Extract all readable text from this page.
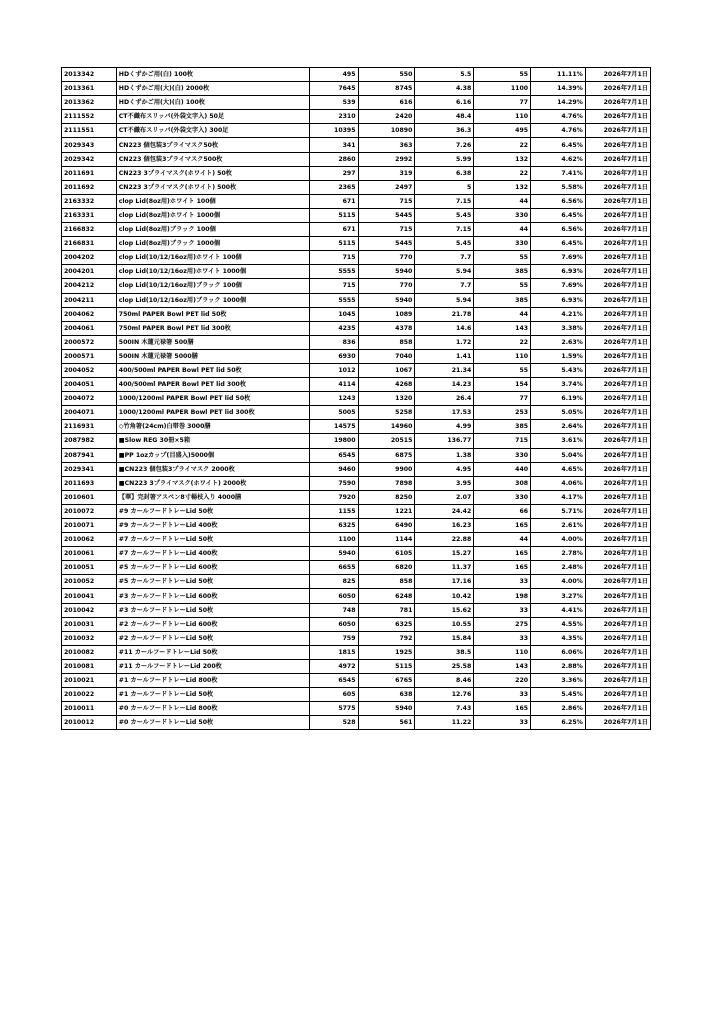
2013342	HDくずかご用(白) 100枚	495	550	5.5	55	11.11%	2026年7月1日
2013361	HDくずかご用(大)(白) 2000枚	7645	8745	4.38	1100	14.39%	2026年7月1日
2013362	HDくずかご用(大)(白) 100枚	539	616	6.16	77	14.29%	2026年7月1日
2111552	CT不織布スリッパ(外袋文字入) 50足	2310	2420	48.4	110	4.76%	2026年7月1日
2111551	CT不織布スリッパ(外袋文字入) 300足	10395	10890	36.3	495	4.76%	2026年7月1日
2029343	CN223 個包装3プライマスク50枚	341	363	7.26	22	6.45%	2026年7月1日
2029342	CN223 個包装3プライマスク500枚	2860	2992	5.99	132	4.62%	2026年7月1日
2011691	CN223 3プライマスク(ホワイト) 50枚	297	319	6.38	22	7.41%	2026年7月1日
2011692	CN223 3プライマスク(ホワイト) 500枚	2365	2497	5	132	5.58%	2026年7月1日
2163332	clop Lid(8oz用)ホワイト 100個	671	715	7.15	44	6.56%	2026年7月1日
2163331	clop Lid(8oz用)ホワイト 1000個	5115	5445	5.45	330	6.45%	2026年7月1日
2166832	clop Lid(8oz用)ブラック 100個	671	715	7.15	44	6.56%	2026年7月1日
2166831	clop Lid(8oz用)ブラック 1000個	5115	5445	5.45	330	6.45%	2026年7月1日
2004202	clop Lid(10/12/16oz用)ホワイト 100個	715	770	7.7	55	7.69%	2026年7月1日
2004201	clop Lid(10/12/16oz用)ホワイト 1000個	5555	5940	5.94	385	6.93%	2026年7月1日
2004212	clop Lid(10/12/16oz用)ブラック 100個	715	770	7.7	55	7.69%	2026年7月1日
2004211	clop Lid(10/12/16oz用)ブラック 1000個	5555	5940	5.94	385	6.93%	2026年7月1日
2004062	750ml PAPER Bowl PET lid 50枚	1045	1089	21.78	44	4.21%	2026年7月1日
2004061	750ml PAPER Bowl PET lid 300枚	4235	4378	14.6	143	3.38%	2026年7月1日
2000572	500IN 木蓮元禄箸 500膳	836	858	1.72	22	2.63%	2026年7月1日
2000571	500IN 木蓮元禄箸 5000膳	6930	7040	1.41	110	1.59%	2026年7月1日
2004052	400/500ml PAPER Bowl PET lid 50枚	1012	1067	21.34	55	5.43%	2026年7月1日
2004051	400/500ml PAPER Bowl PET lid 300枚	4114	4268	14.23	154	3.74%	2026年7月1日
2004072	1000/1200ml PAPER Bowl PET lid 50枚	1243	1320	26.4	77	6.19%	2026年7月1日
2004071	1000/1200ml PAPER Bowl PET lid 300枚	5005	5258	17.53	253	5.05%	2026年7月1日
2116931	◇竹角箸(24cm)白帯巻 3000膳	14575	14960	4.99	385	2.64%	2026年7月1日
2087982	■Slow REG 30冊×5箱	19800	20515	136.77	715	3.61%	2026年7月1日
2087941	■PP 1ozカップ(目盛入)5000個	6545	6875	1.38	330	5.04%	2026年7月1日
2029341	■CN223 個包装3プライマスク 2000枚	9460	9900	4.95	440	4.65%	2026年7月1日
2011693	■CN223 3プライマスク(ホワイト) 2000枚	7590	7898	3.95	308	4.06%	2026年7月1日
2010601	【華】完封箸アスペン8寸楊枝入り 4000膳	7920	8250	2.07	330	4.17%	2026年7月1日
2010072	#9 カールフードトレーLid 50枚	1155	1221	24.42	66	5.71%	2026年7月1日
2010071	#9 カールフードトレーLid 400枚	6325	6490	16.23	165	2.61%	2026年7月1日
2010062	#7 カールフードトレーLid 50枚	1100	1144	22.88	44	4.00%	2026年7月1日
2010061	#7 カールフードトレーLid 400枚	5940	6105	15.27	165	2.78%	2026年7月1日
2010051	#5 カールフードトレーLid 600枚	6655	6820	11.37	165	2.48%	2026年7月1日
2010052	#5 カールフードトレーLid 50枚	825	858	17.16	33	4.00%	2026年7月1日
2010041	#3 カールフードトレーLid 600枚	6050	6248	10.42	198	3.27%	2026年7月1日
2010042	#3 カールフードトレーLid 50枚	748	781	15.62	33	4.41%	2026年7月1日
2010031	#2 カールフードトレーLid 600枚	6050	6325	10.55	275	4.55%	2026年7月1日
2010032	#2 カールフードトレーLid 50枚	759	792	15.84	33	4.35%	2026年7月1日
2010082	#11 カールフードトレーLid 50枚	1815	1925	38.5	110	6.06%	2026年7月1日
2010081	#11 カールフードトレーLid 200枚	4972	5115	25.58	143	2.88%	2026年7月1日
2010021	#1 カールフードトレーLid 800枚	6545	6765	8.46	220	3.36%	2026年7月1日
2010022	#1 カールフードトレーLid 50枚	605	638	12.76	33	5.45%	2026年7月1日
2010011	#0 カールフードトレーLid 800枚	5775	5940	7.43	165	2.86%	2026年7月1日
2010012	#0 カールフードトレーLid 50枚	528	561	11.22	33	6.25%	2026年7月1日
